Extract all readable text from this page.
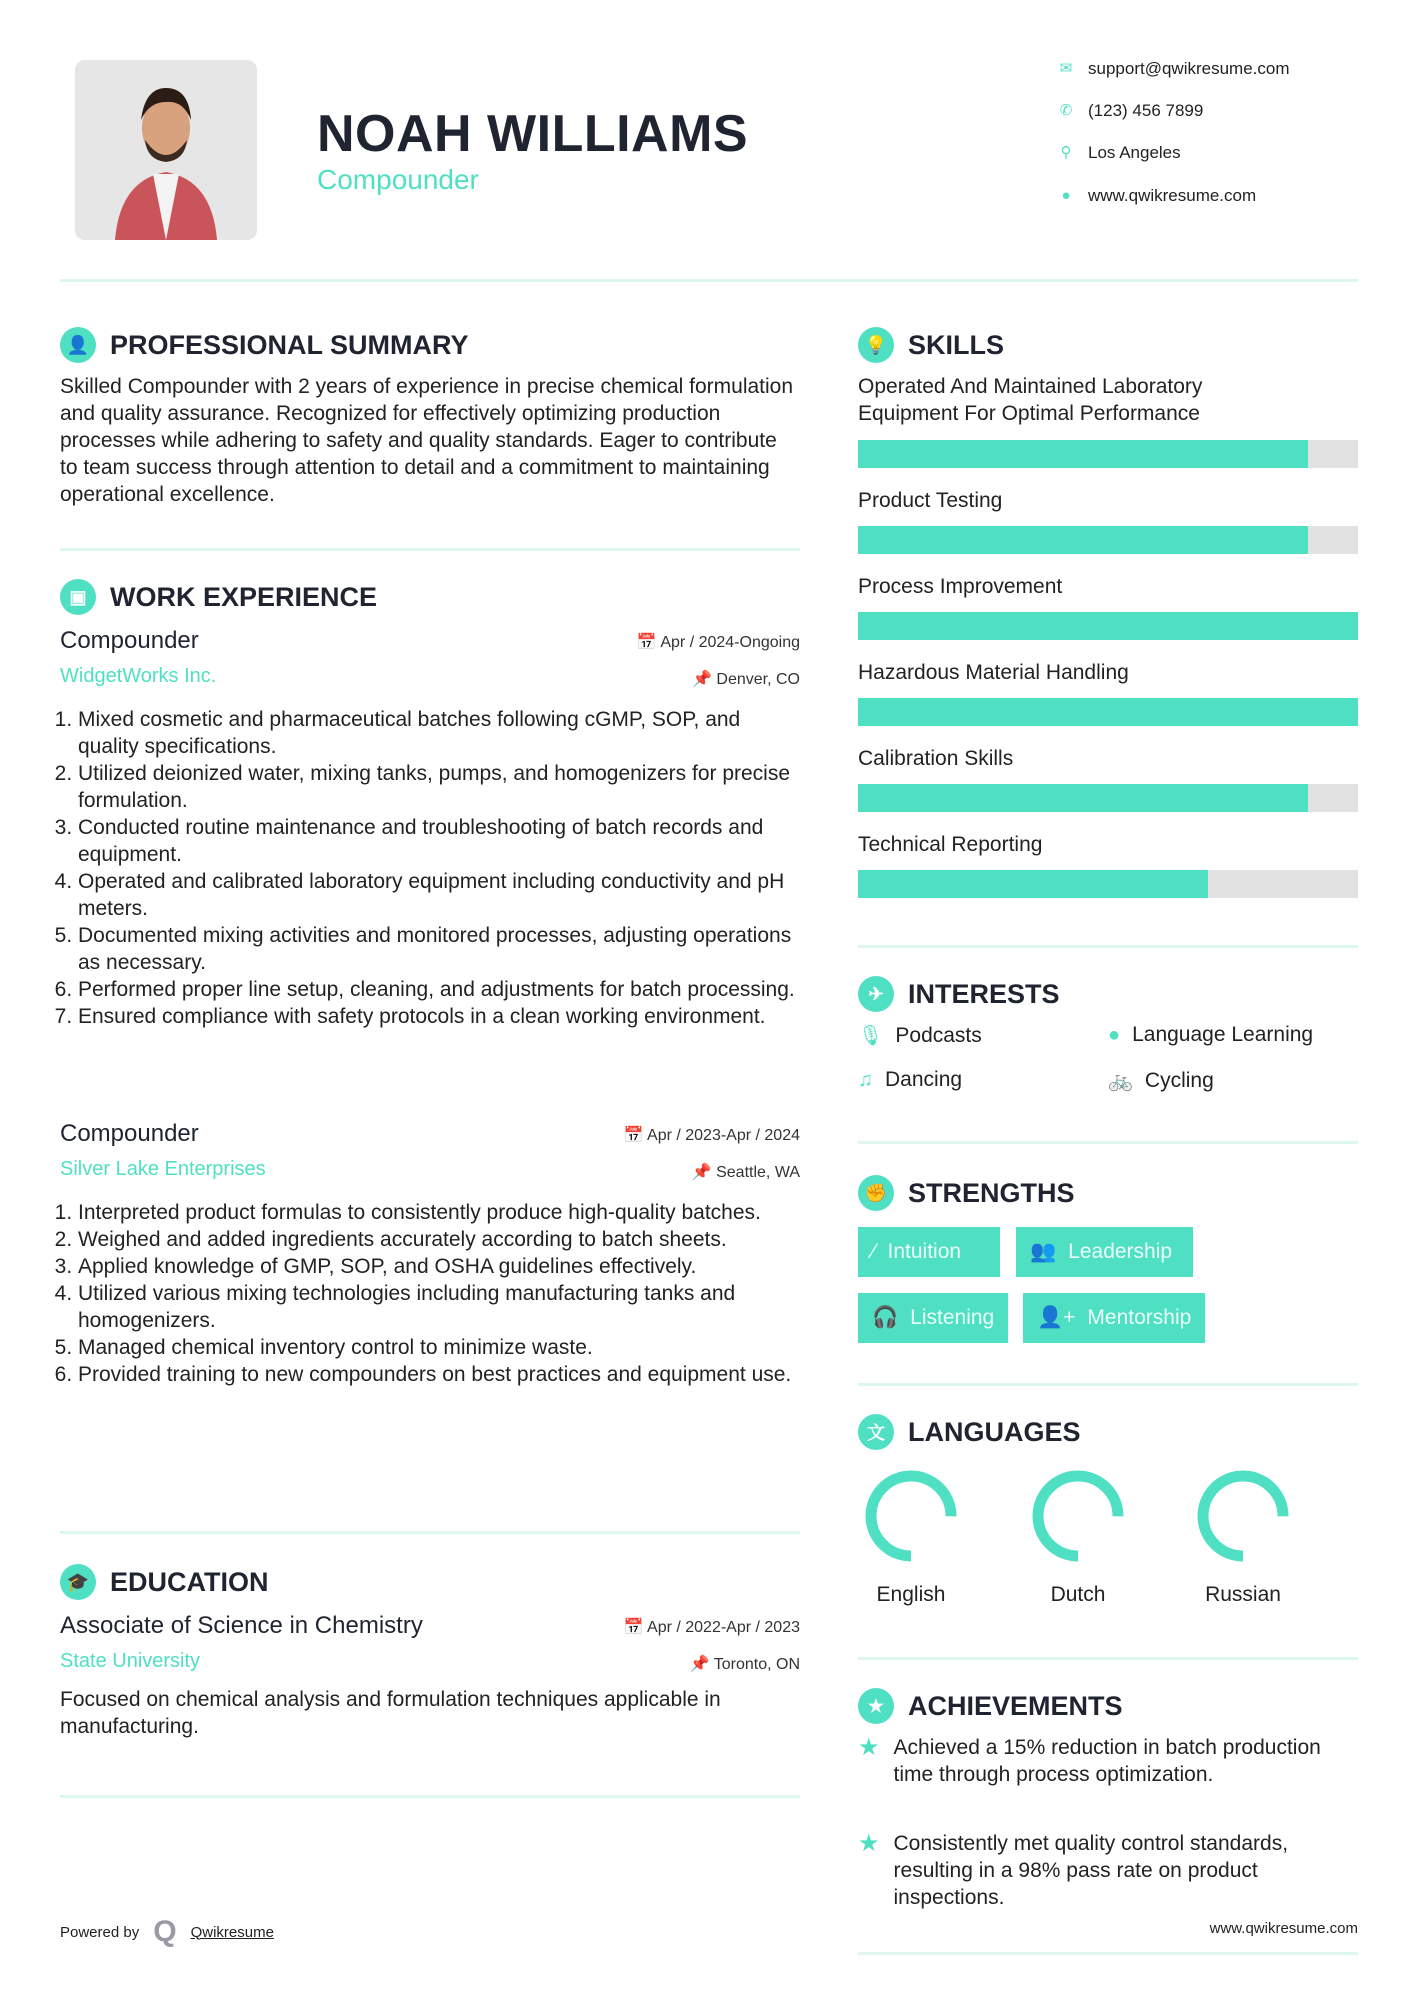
NOAH WILLIAMS
Compounder
✉ support@qwikresume.com
✆ (123) 456 7899
⚲ Los Angeles
● www.qwikresume.com
👤 PROFESSIONAL SUMMARY
Skilled Compounder with 2 years of experience in precise chemical formulation and quality assurance. Recognized for effectively optimizing production processes while adhering to safety and quality standards. Eager to contribute to team success through attention to detail and a commitment to maintaining operational excellence.
▣ WORK EXPERIENCE
Compounder	📅 Apr / 2024-Ongoing
WidgetWorks Inc.	📌 Denver, CO
1. Mixed cosmetic and pharmaceutical batches following cGMP, SOP, and quality specifications.
2. Utilized deionized water, mixing tanks, pumps, and homogenizers for precise formulation.
3. Conducted routine maintenance and troubleshooting of batch records and equipment.
4. Operated and calibrated laboratory equipment including conductivity and pH meters.
5. Documented mixing activities and monitored processes, adjusting operations as necessary.
6. Performed proper line setup, cleaning, and adjustments for batch processing.
7. Ensured compliance with safety protocols in a clean working environment.
Compounder	📅 Apr / 2023-Apr / 2024
Silver Lake Enterprises	📌 Seattle, WA
1. Interpreted product formulas to consistently produce high-quality batches.
2. Weighed and added ingredients accurately according to batch sheets.
3. Applied knowledge of GMP, SOP, and OSHA guidelines effectively.
4. Utilized various mixing technologies including manufacturing tanks and homogenizers.
5. Managed chemical inventory control to minimize waste.
6. Provided training to new compounders on best practices and equipment use.
🎓 EDUCATION
Associate of Science in Chemistry	📅 Apr / 2022-Apr / 2023
State University	📌 Toronto, ON
Focused on chemical analysis and formulation techniques applicable in manufacturing.
Powered by Q Qwikresume
💡 SKILLS
Operated And Maintained Laboratory Equipment For Optimal Performance
Product Testing
Process Improvement
Hazardous Material Handling
Calibration Skills
Technical Reporting
✈ INTERESTS
🎙 Podcasts	● Language Learning
♫ Dancing	🚲 Cycling
✊ STRENGTHS
⁄ Intuition	👥 Leadership
🎧 Listening 👤+ Mentorship
文 LANGUAGES
English	Dutch	Russian
★ ACHIEVEMENTS
★ Achieved a 15% reduction in batch production time through process optimization.
★ Consistently met quality control standards, resulting in a 98% pass rate on product inspections.
www.qwikresume.com
